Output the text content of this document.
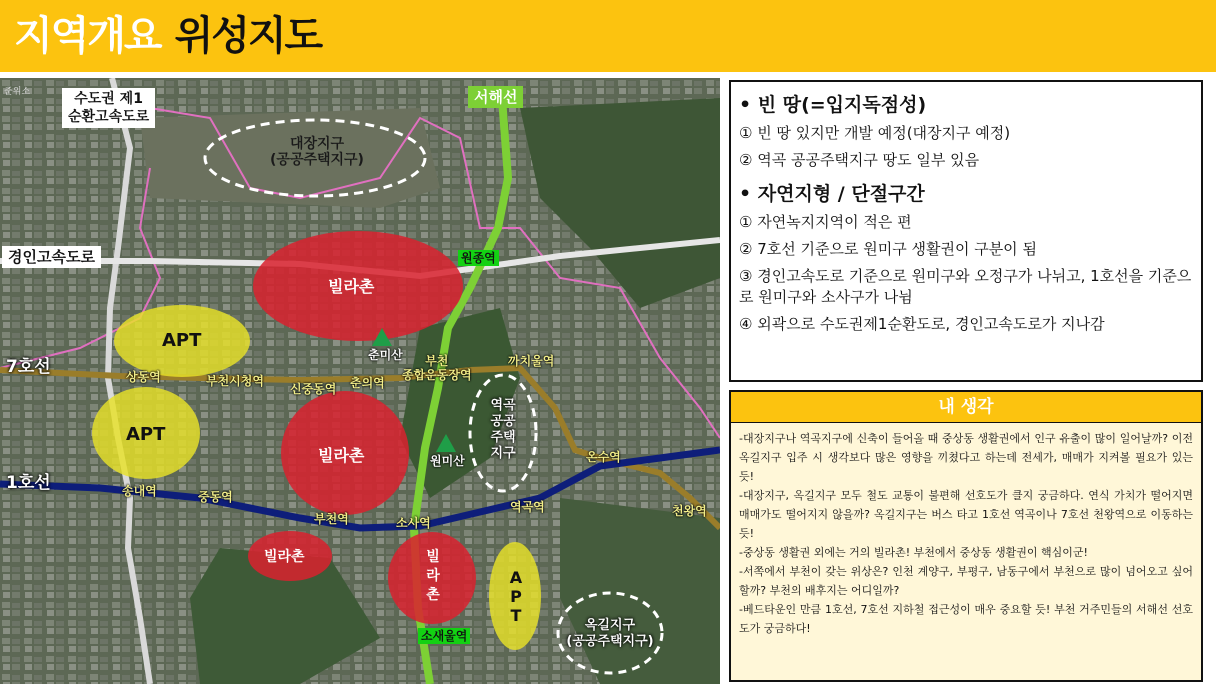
지역개요 위성지도
준위소	수도권 제1
순환고속도로
서해선
경인고속도로
7호선
1호선
대장지구
(공공주택지구)
역곡
공공
주택
지구
옥길지구
(공공주택지구)
빌라촌
빌라촌
빌라촌	빌
라
촌
APT
APT
A
P
T
춘미산
원미산
원종역
상동역	부천시청역
신중동역 춘의역
부천
종합운동장역
까치울역
온수역
천왕역
송내역	중동역
부천역	소사역
역곡역
소새울역
• 빈 땅(=입지독점성)
① 빈 땅 있지만 개발 예정(대장지구 예정)
② 역곡 공공주택지구 땅도 일부 있음
• 자연지형 / 단절구간
① 자연녹지지역이 적은 편
② 7호선 기준으로 원미구 생활권이 구분이 됨
③ 경인고속도로 기준으로 원미구와 오정구가 나뉘고, 1호선을 기준으로 원미구와 소사구가 나뉨
④ 외곽으로 수도권제1순환도로, 경인고속도로가 지나감
내 생각

-대장지구나 역곡지구에 신축이 들어올 때 중상동 생활권에서 인구 유출이 많이 일어날까? 이전 옥길지구 입주 시 생각보다 많은 영향을 끼쳤다고 하는데 전세가, 매매가 지켜볼 필요가 있는 듯!

-대장지구, 옥길지구 모두 철도 교통이 불편해 선호도가 클지 궁금하다. 연식 가치가 떨어지면 매매가도 떨어지지 않을까? 옥길지구는 버스 타고 1호선 역곡이나 7호선 천왕역으로 이동하는 듯!

-중상동 생활권 외에는 거의 빌라촌! 부천에서 중상동 생활권이 핵심이군!

-서쪽에서 부천이 갖는 위상은? 인천 계양구, 부평구, 남동구에서 부천으로 많이 넘어오고 싶어할까? 부천의 배후지는 어디일까?

-베드타운인 만큼 1호선, 7호선 지하철 접근성이 매우 중요할 듯! 부천 거주민들의 서해선 선호도가 궁금하다!
